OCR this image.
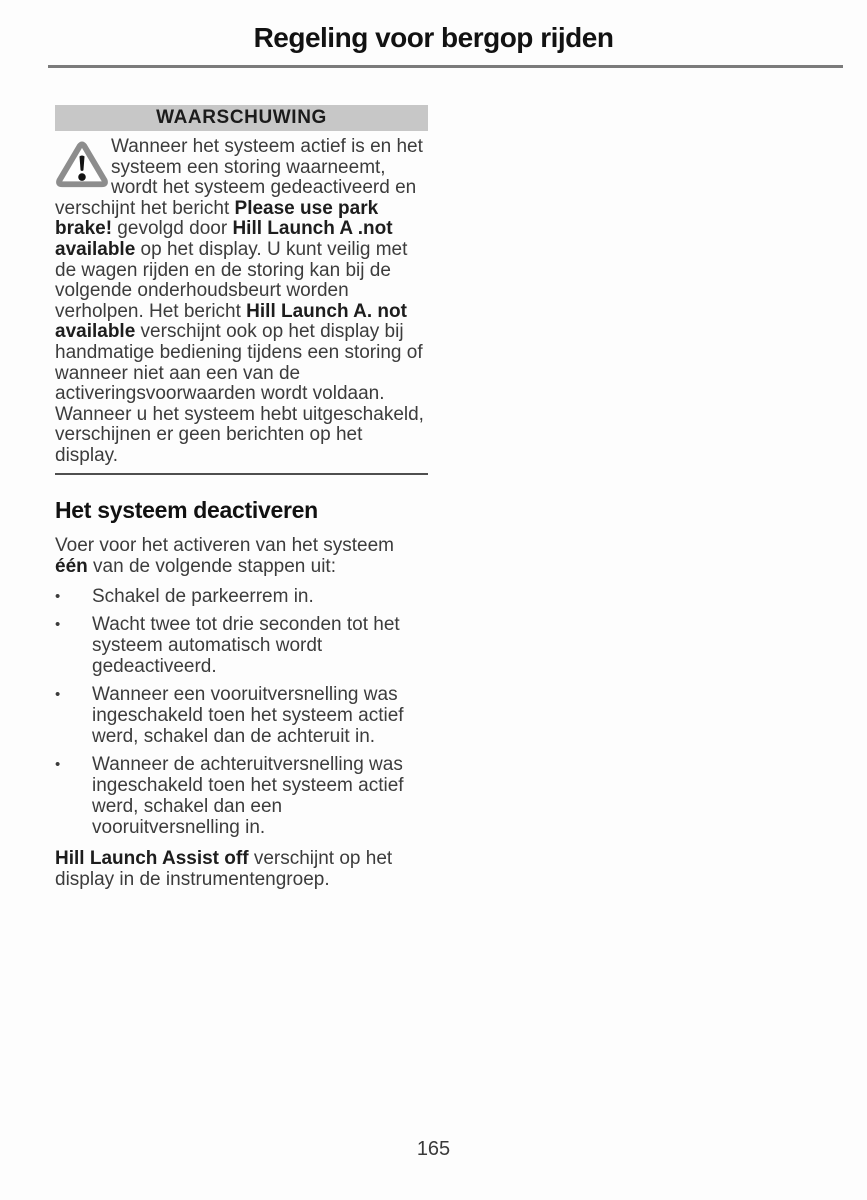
Regeling voor bergop rijden
WAARSCHUWING

Wanneer het systeem actief is en het systeem een storing waarneemt, wordt het systeem gedeactiveerd en verschijnt het bericht Please use park brake! gevolgd door Hill Launch A .not available op het display. U kunt veilig met de wagen rijden en de storing kan bij de volgende onderhoudsbeurt worden verholpen. Het bericht Hill Launch A. not available verschijnt ook op het display bij handmatige bediening tijdens een storing of wanneer niet aan een van de activeringsvoorwaarden wordt voldaan. Wanneer u het systeem hebt uitgeschakeld, verschijnen er geen berichten op het display.

Het systeem deactiveren

Voer voor het activeren van het systeem één van de volgende stappen uit:

•	Schakel de parkeerrem in.
•	Wacht twee tot drie seconden tot het systeem automatisch wordt gedeactiveerd.
•	Wanneer een vooruitversnelling was ingeschakeld toen het systeem actief werd, schakel dan de achteruit in.
•	Wanneer de achteruitversnelling was ingeschakeld toen het systeem actief werd, schakel dan een vooruitversnelling in.

Hill Launch Assist off verschijnt op het display in de instrumentengroep.

165
